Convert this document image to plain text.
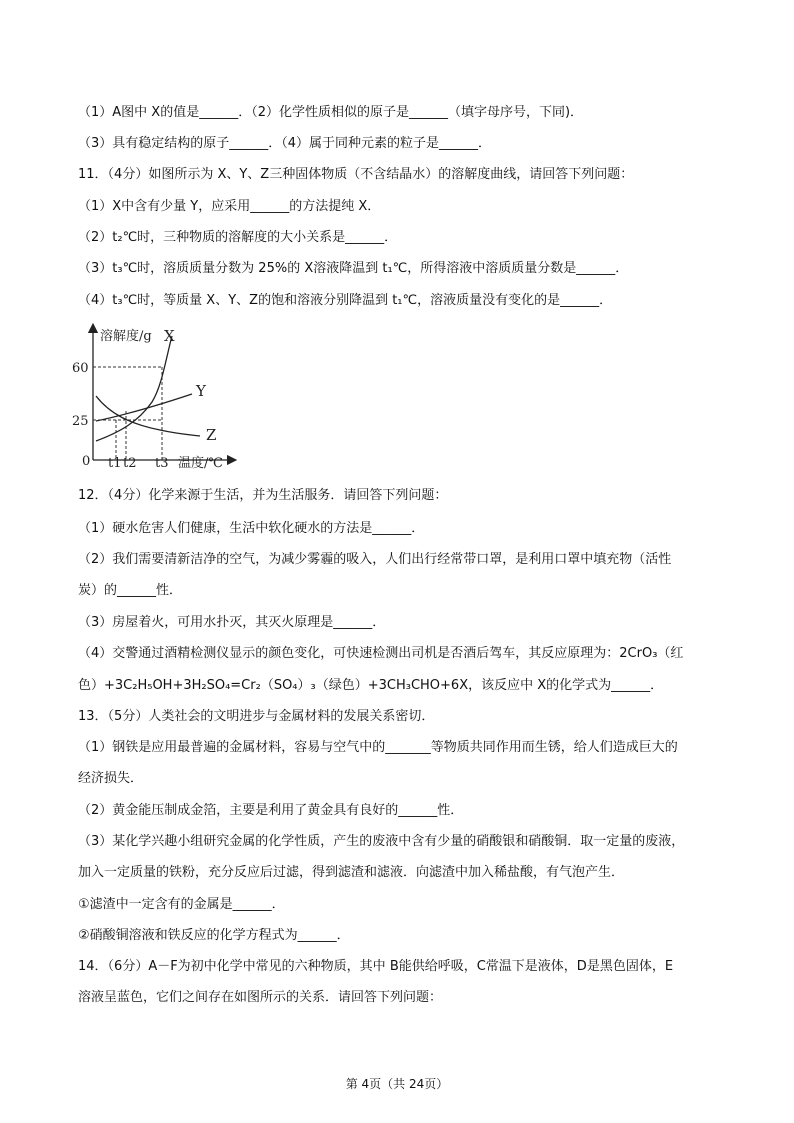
（1）A图中 X的值是______．（2）化学性质相似的原子是______（填字母序号，下同)．
（3）具有稳定结构的原子______．（4）属于同种元素的粒子是______．
11．（4分）如图所示为 X、Y、Z三种固体物质（不含结晶水）的溶解度曲线，请回答下列问题：
（1）X中含有少量 Y，应采用______的方法提纯 X．
（2）t₂℃时，三种物质的溶解度的大小关系是______．
（3）t₃℃时，溶质质量分数为 25%的 X溶液降温到 t₁℃，所得溶液中溶质质量分数是______．
（4）t₃℃时，等质量 X、Y、Z的饱和溶液分别降温到 t₁℃，溶液质量没有变化的是______．
溶解度/g X
Y
Z
60
25
0 t1 t2 t3 温度/℃
12．（4分）化学来源于生活，并为生活服务．请回答下列问题：
（1）硬水危害人们健康，生活中软化硬水的方法是______．
（2）我们需要清新洁净的空气，为减少雾霾的吸入，人们出行经常带口罩，是利用口罩中填充物（活性
炭）的______性．
（3）房屋着火，可用水扑灭，其灭火原理是______．
（4）交警通过酒精检测仪显示的颜色变化，可快速检测出司机是否酒后驾车，其反应原理为：2CrO₃（红
色）+3C₂H₅OH+3H₂SO₄=Cr₂（SO₄）₃（绿色）+3CH₃CHO+6X，该反应中 X的化学式为______．
13．（5分）人类社会的文明进步与金属材料的发展关系密切．
（1）钢铁是应用最普遍的金属材料，容易与空气中的_______等物质共同作用而生锈，给人们造成巨大的
经济损失．
（2）黄金能压制成金箔，主要是利用了黄金具有良好的______性．
（3）某化学兴趣小组研究金属的化学性质，产生的废液中含有少量的硝酸银和硝酸铜．取一定量的废液，
加入一定质量的铁粉，充分反应后过滤，得到滤渣和滤液．向滤渣中加入稀盐酸，有气泡产生．
①滤渣中一定含有的金属是______．
②硝酸铜溶液和铁反应的化学方程式为______．
14．（6分）A－F为初中化学中常见的六种物质，其中 B能供给呼吸，C常温下是液体，D是黑色固体，E
溶液呈蓝色，它们之间存在如图所示的关系．请回答下列问题：
第 4页（共 24页）
